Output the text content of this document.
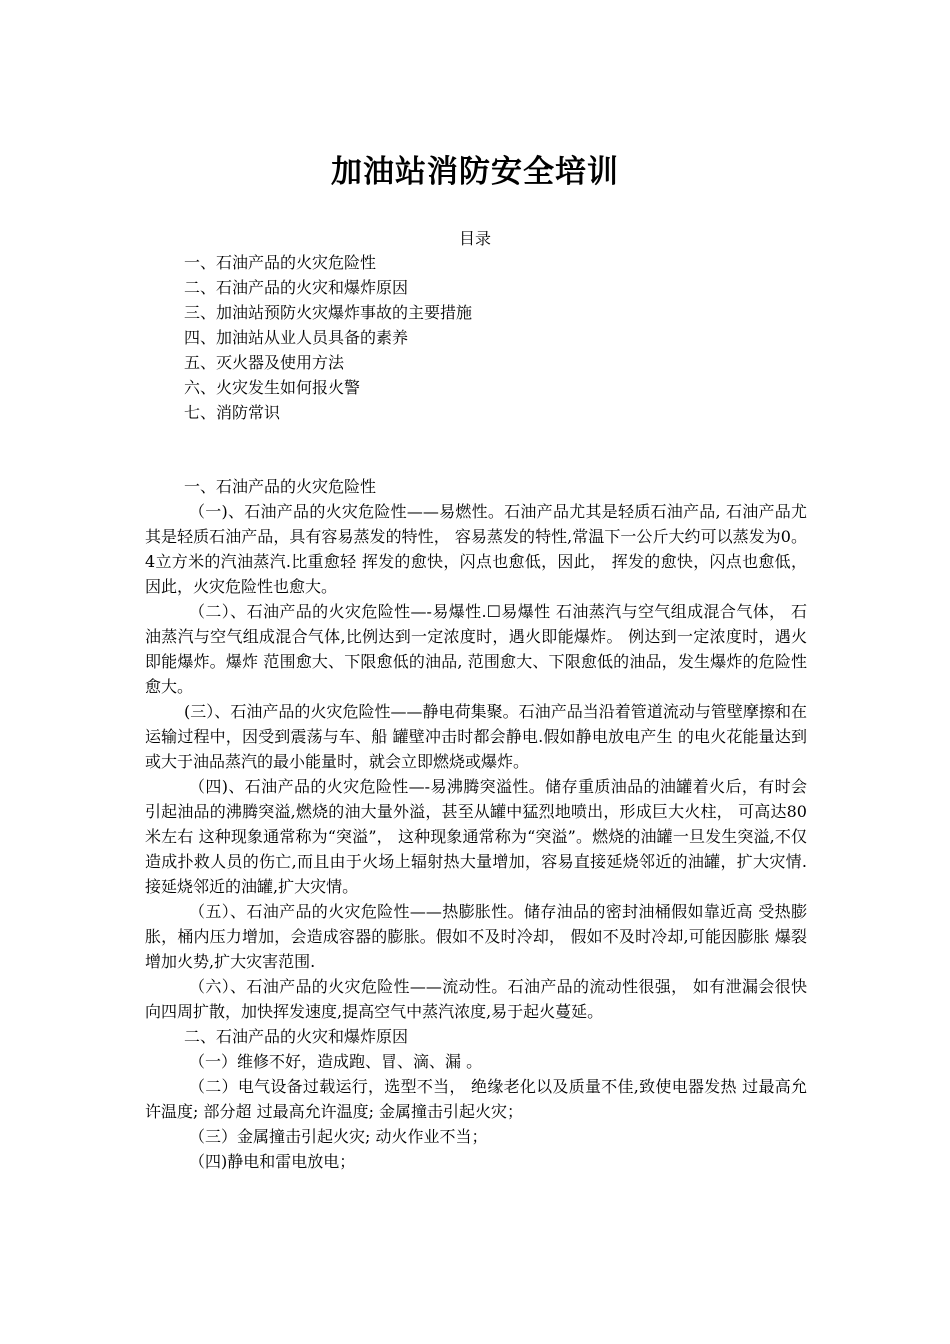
加油站消防安全培训
目录
一、石油产品的火灾危险性
二、石油产品的火灾和爆炸原因
三、加油站预防火灾爆炸事故的主要措施
四、加油站从业人员具备的素养
五、灭火器及使用方法
六、火灾发生如何报火警
七、消防常识

一、石油产品的火灾危险性

（一)、石油产品的火灾危险性——易燃性。石油产品尤其是轻质石油产品, 石油产品尤其是轻质石油产品，具有容易蒸发的特性， 容易蒸发的特性,常温下一公斤大约可以蒸发为0。4立方米的汽油蒸汽.比重愈轻 挥发的愈快，闪点也愈低，因此， 挥发的愈快，闪点也愈低，因此，火灾危险性也愈大。

（二）、石油产品的火灾危险性—-易爆性.☐易爆性 石油蒸汽与空气组成混合气体， 石油蒸汽与空气组成混合气体,比例达到一定浓度时，遇火即能爆炸。 例达到一定浓度时，遇火即能爆炸。爆炸 范围愈大、下限愈低的油品, 范围愈大、下限愈低的油品，发生爆炸的危险性愈大。

(三）、石油产品的火灾危险性——静电荷集聚。石油产品当沿着管道流动与管壁摩擦和在运输过程中，因受到震荡与车、船 罐壁冲击时都会静电.假如静电放电产生 的电火花能量达到或大于油品蒸汽的最小能量时，就会立即燃烧或爆炸。

（四)、石油产品的火灾危险性—-易沸腾突溢性。储存重质油品的油罐着火后，有时会引起油品的沸腾突溢,燃烧的油大量外溢，甚至从罐中猛烈地喷出，形成巨大火柱， 可高达80米左右 这种现象通常称为“突溢”， 这种现象通常称为“突溢”。燃烧的油罐一旦发生突溢,不仅造成扑救人员的伤亡,而且由于火场上辐射热大量增加，容易直接延烧邻近的油罐，扩大灾情. 接延烧邻近的油罐,扩大灾情。

（五）、石油产品的火灾危险性——热膨胀性。储存油品的密封油桶假如靠近高 受热膨胀，桶内压力增加，会造成容器的膨胀。假如不及时冷却， 假如不及时冷却,可能因膨胀 爆裂增加火势,扩大灾害范围.

（六）、石油产品的火灾危险性——流动性。石油产品的流动性很强， 如有泄漏会很快向四周扩散，加快挥发速度,提高空气中蒸汽浓度,易于起火蔓延。

二、石油产品的火灾和爆炸原因

（一）维修不好，造成跑、冒、滴、漏 。

（二）电气设备过载运行，选型不当， 绝缘老化以及质量不佳,致使电器发热 过最高允许温度; 部分超 过最高允许温度; 金属撞击引起火灾；

（三）金属撞击引起火灾; 动火作业不当；

（四)静电和雷电放电；
